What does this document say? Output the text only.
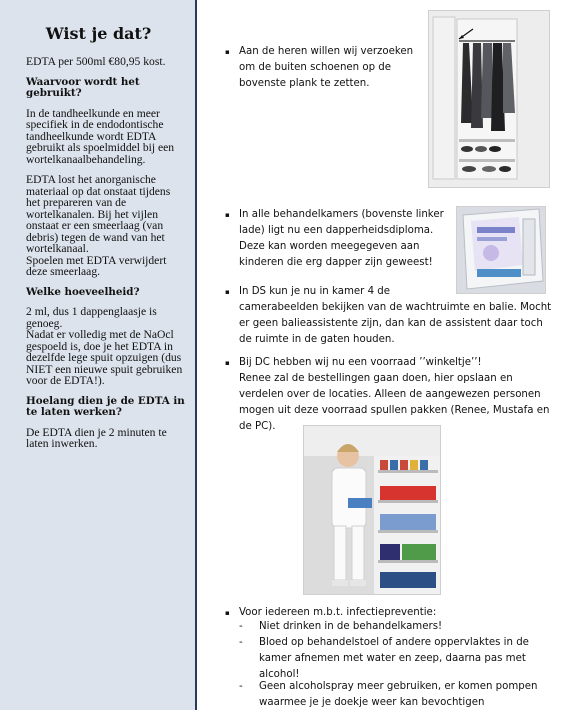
Wist je dat?

EDTA per 500ml €80,95 kost.

Waarvoor wordt het gebruikt?

In de tandheelkunde en meer specifiek in de endodontische tandheelkunde wordt EDTA gebruikt als spoelmiddel bij een wortelkanaalbehandeling.

EDTA lost het anorganische materiaal op dat onstaat tijdens het prepareren van de wortelkanalen. Bij het vijlen onstaat er een smeerlaag (van debris) tegen de wand van het wortelkanaal.

Spoelen met EDTA verwijdert deze smeerlaag.

Welke hoeveelheid?

2 ml, dus 1 dappenglaasje is genoeg.

Nadat er volledig met de NaOcl gespoeld is, doe je het EDTA in dezelfde lege spuit opzuigen (dus NIET een nieuwe spuit gebruiken voor de EDTA!).

Hoelang dien je de EDTA in te laten werken?

De EDTA dien je 2 minuten te laten inwerken.

▪ Aan de heren willen wij verzoeken
om de buiten schoenen op de
bovenste plank te zetten.
▪ In alle behandelkamers (bovenste linker
lade) ligt nu een dapperheidsdiploma.
Deze kan worden meegegeven aan
kinderen die erg dapper zijn geweest!
▪ In DS kun je nu in kamer 4 de
camerabeelden bekijken van de wachtruimte en balie. Mocht
er geen balieassistente zijn, dan kan de assistent daar toch
de ruimte in de gaten houden.
▪ Bij DC hebben wij nu een voorraad ’’winkeltje’’!
Renee zal de bestellingen gaan doen, hier opslaan en
verdelen over de locaties. Alleen de aangewezen personen
mogen uit deze voorraad spullen pakken (Renee, Mustafa en
de PC).
▪ Voor iedereen m.b.t. infectiepreventie:
- Niet drinken in de behandelkamers!
- Bloed op behandelstoel of andere oppervlaktes in de
kamer afnemen met water en zeep, daarna pas met
alcohol!
- Geen alcoholspray meer gebruiken, er komen pompen
waarmee je je doekje weer kan bevochtigen
